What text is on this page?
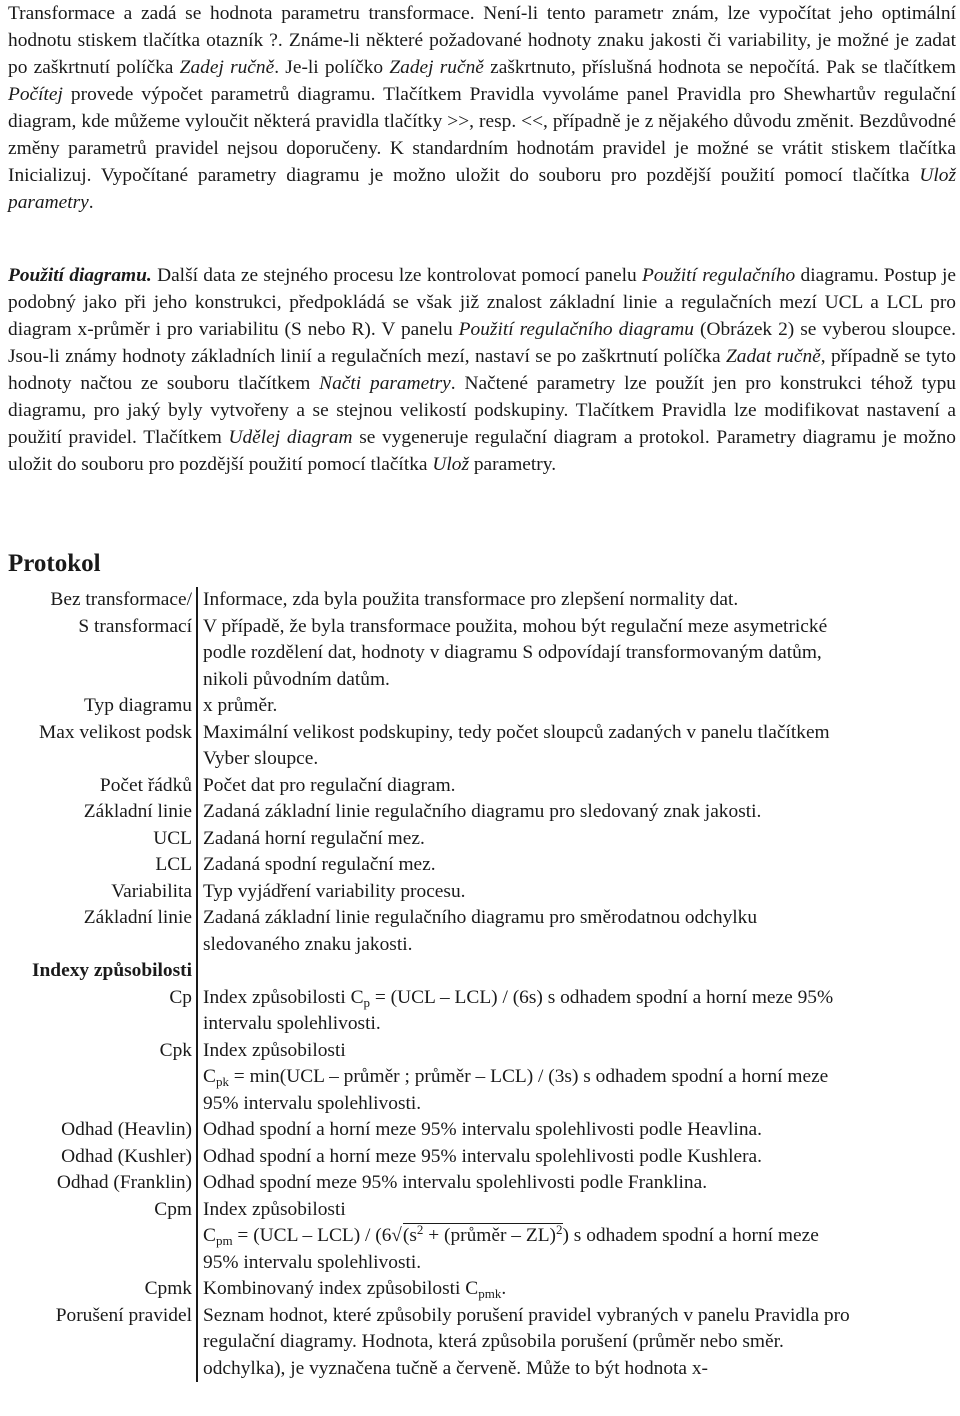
Transformace a zadá se hodnota parametru transformace. Není-li tento parametr znám, lze vypočítat jeho optimální hodnotu stiskem tlačítka otazník ?. Známe-li některé požadované hodnoty znaku jakosti či variability, je možné je zadat po zaškrtnutí políčka Zadej ručně. Je-li políčko Zadej ručně zaškrtnuto, příslušná hodnota se nepočítá. Pak se tlačítkem Počítej provede výpočet parametrů diagramu. Tlačítkem Pravidla vyvoláme panel Pravidla pro Shewhartův regulační diagram, kde můžeme vyloučit některá pravidla tlačítky >>, resp. <<, případně je z nějakého důvodu změnit. Bezdůvodné změny parametrů pravidel nejsou doporučeny. K standardním hodnotám pravidel je možné se vrátit stiskem tlačítka Inicializuj. Vypočítané parametry diagramu je možno uložit do souboru pro pozdější použití pomocí tlačítka Ulož parametry.

Použití diagramu. Další data ze stejného procesu lze kontrolovat pomocí panelu Použití regulačního diagramu. Postup je podobný jako při jeho konstrukci, předpokládá se však již znalost základní linie a regulačních mezí UCL a LCL pro diagram x-průměr i pro variabilitu (S nebo R). V panelu Použití regulačního diagramu (Obrázek 2) se vyberou sloupce. Jsou-li známy hodnoty základních linií a regulačních mezí, nastaví se po zaškrtnutí políčka Zadat ručně, případně se tyto hodnoty načtou ze souboru tlačítkem Načti parametry. Načtené parametry lze použít jen pro konstrukci téhož typu diagramu, pro jaký byly vytvořeny a se stejnou velikostí podskupiny. Tlačítkem Pravidla lze modifikovat nastavení a použití pravidel. Tlačítkem Udělej diagram se vygeneruje regulační diagram a protokol. Parametry diagramu je možno uložit do souboru pro pozdější použití pomocí tlačítka Ulož parametry.

Protokol
Bez transformace/	Informace, zda byla použita transformace pro zlepšení normality dat.
S transformací	V případě, že byla transformace použita, mohou být regulační meze asymetrické podle rozdělení dat, hodnoty v diagramu S odpovídají transformovaným datům, nikoli původním datům.
Typ diagramu	x průměr.
Max velikost podsk	Maximální velikost podskupiny, tedy počet sloupců zadaných v panelu tlačítkem Vyber sloupce.
Počet řádků	Počet dat pro regulační diagram.
Základní linie	Zadaná základní linie regulačního diagramu pro sledovaný znak jakosti.
UCL	Zadaná horní regulační mez.
LCL	Zadaná spodní regulační mez.
Variabilita	Typ vyjádření variability procesu.
Základní linie	Zadaná základní linie regulačního diagramu pro směrodatnou odchylku sledovaného znaku jakosti.
Indexy způsobilosti	
Cp	Index způsobilosti $C_p = (UCL - LCL) / (6s)$ s odhadem spodní a horní meze 95% intervalu spolehlivosti.
Cpk	Index způsobilosti
$C_{pk} = \min(UCL$ – průměr ; průměr – LCL) / (3s) s odhadem spodní a horní meze 95% intervalu spolehlivosti.
Odhad (Heavlin)	Odhad spodní a horní meze 95% intervalu spolehlivosti podle Heavlina.
Odhad (Kushler)	Odhad spodní a horní meze 95% intervalu spolehlivosti podle Kushlera.
Odhad (Franklin)	Odhad spodní meze 95% intervalu spolehlivosti podle Franklina.
Cpm	Index způsobilosti
$C_{pm} = (UCL - LCL) / (6√(s^2$ + (průměr – ZL)$^2$) s odhadem spodní a horní meze 95% intervalu spolehlivosti.
Cpmk	Kombinovaný index způsobilosti $C_{pmk}$.
Porušení pravidel	Seznam hodnot, které způsobily porušení pravidel vybraných v panelu Pravidla pro regulační diagramy. Hodnota, která způsobila porušení (průměr nebo směr. odchylka), je vyznačena tučně a červeně. Může to být hodnota x-
